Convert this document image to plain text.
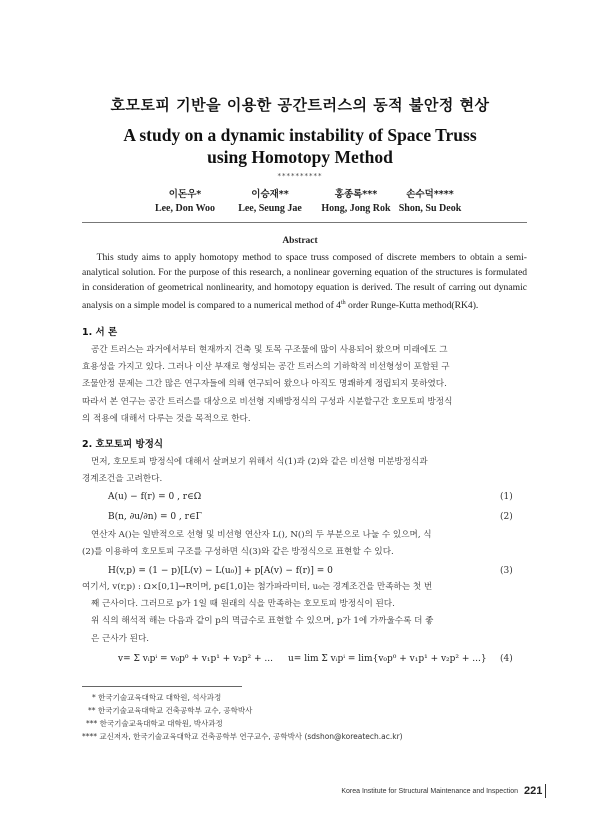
호모토피 기반을 이용한 공간트러스의 동적 불안정 현상
A study on a dynamic instability of Space Truss
using Homotopy Method
**********
이돈우*
Lee, Don Woo
이승재**
Lee, Seung Jae
홍종록***
Hong, Jong Rok
손수덕****
Shon, Su Deok
Abstract
This study aims to apply homotopy method to space truss composed of discrete members to obtain a semi-analytical solution. For the purpose of this research, a nonlinear governing equation of the structures is formulated in consideration of geometrical nonlinearity, and homotopy equation is derived. The result of carring out dynamic analysis on a simple model is compared to a numerical method of 4th order Runge-Kutta method(RK4).
1. 서 론
공간 트러스는 과거에서부터 현재까지 건축 및 토목 구조물에 많이 사용되어 왔으며 미래에도 그
효용성을 가지고 있다. 그러나 이산 부재로 형성되는 공간 트러스의 기하학적 비선형성이 포함된 구
조물안정 문제는 그간 많은 연구자들에 의해 연구되어 왔으나 아직도 명쾌하게 정립되지 못하였다.
따라서 본 연구는 공간 트러스를 대상으로 비선형 지배방정식의 구성과 시분할구간 호모토피 방정식
의 적용에 대해서 다루는 것을 목적으로 한다.
2. 호모토피 방정식
먼저, 호모토피 방정식에 대해서 살펴보기 위해서 식(1)과 (2)와 같은 비선형 미분방정식과
경계조건을 고려한다.
A(u) − f(r) = 0 , r∈Ω	(1)
B(n, ∂u/∂n) = 0 , r∈Γ	(2)
연산자 A()는 일반적으로 선형 및 비선형 연산자 L(), N()의 두 부분으로 나눌 수 있으며, 식
(2)를 이용하여 호모토피 구조를 구성하면 식(3)와 같은 방정식으로 표현할 수 있다.
H(v,p) = (1 − p)[L(v) − L(u₀)] + p[A(v) − f(r)] = 0	(3)
여기서, v(r,p) : Ω×[0,1]→R이며, p∈[1,0]는 첨가파라미터, u₀는 경계조건을 만족하는 첫 번
째 근사이다. 그러므로 p가 1일 때 원래의 식을 만족하는 호모토피 방정식이 된다.
위 식의 해석적 해는 다음과 같이 p의 멱급수로 표현할 수 있으며, p가 1에 가까울수록 더 좋
은 근사가 된다.
v= Σ vᵢpⁱ = v₀p⁰ + v₁p¹ + v₂p² + ... u= lim Σ vᵢpⁱ = lim{v₀p⁰ + v₁p¹ + v₂p² + ...} (4)
* 한국기술교육대학교 대학원, 석사과정
** 한국기술교육대학교 건축공학부 교수, 공학박사
*** 한국기술교육대학교 대학원, 박사과정
**** 교신저자, 한국기술교육대학교 건축공학부 연구교수, 공학박사 (sdshon@koreatech.ac.kr)
Korea Institute for Structural Maintenance and Inspection 221
